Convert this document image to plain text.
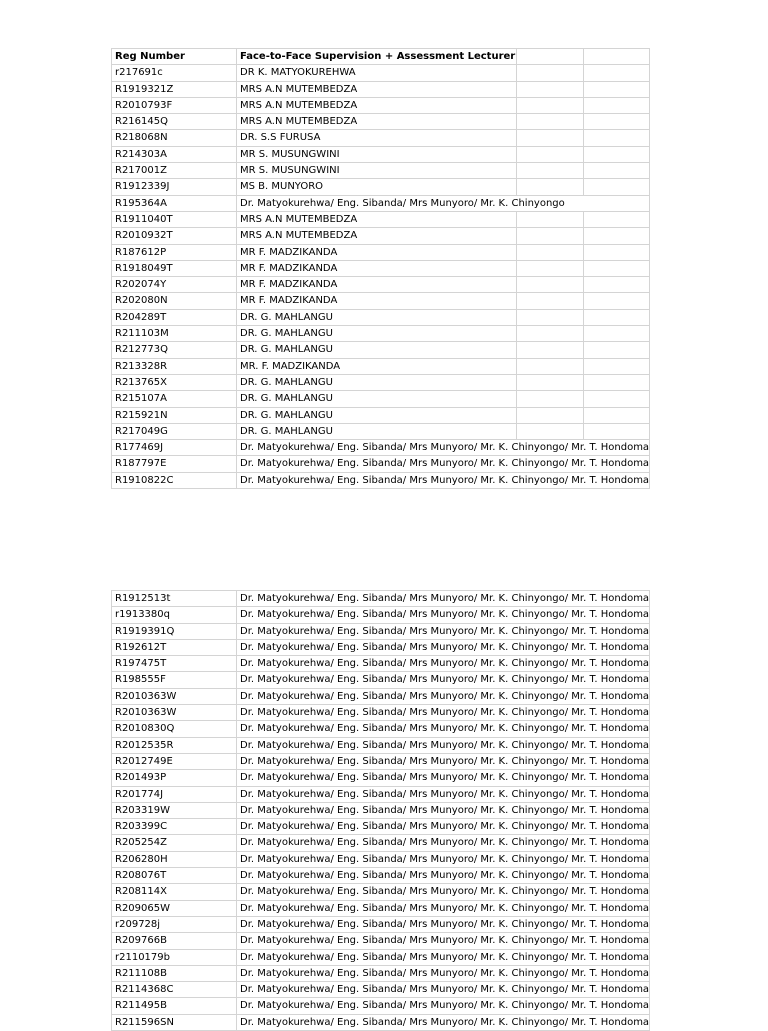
Reg Number	Face-to-Face Supervision + Assessment Lecturer		
r217691c	DR K. MATYOKUREHWA		
R1919321Z	MRS A.N MUTEMBEDZA		
R2010793F	MRS A.N MUTEMBEDZA		
R216145Q	MRS A.N MUTEMBEDZA		
R218068N	DR. S.S FURUSA		
R214303A	MR S. MUSUNGWINI		
R217001Z	MR S. MUSUNGWINI		
R1912339J	MS B. MUNYORO		
R195364A	Dr. Matyokurehwa/ Eng. Sibanda/ Mrs Munyoro/ Mr. K. Chinyongo		
R1911040T	MRS A.N MUTEMBEDZA		
R2010932T	MRS A.N MUTEMBEDZA		
R187612P	MR F. MADZIKANDA		
R1918049T	MR F. MADZIKANDA		
R202074Y	MR F. MADZIKANDA		
R202080N	MR F. MADZIKANDA		
R204289T	DR. G. MAHLANGU		
R211103M	DR. G. MAHLANGU		
R212773Q	DR. G. MAHLANGU		
R213328R	MR. F. MADZIKANDA		
R213765X	DR. G. MAHLANGU		
R215107A	DR. G. MAHLANGU		
R215921N	DR. G. MAHLANGU		
R217049G	DR. G. MAHLANGU		
R177469J	Dr. Matyokurehwa/ Eng. Sibanda/ Mrs Munyoro/ Mr. K. Chinyongo/ Mr. T. Hondoma		
R187797E	Dr. Matyokurehwa/ Eng. Sibanda/ Mrs Munyoro/ Mr. K. Chinyongo/ Mr. T. Hondoma		
R1910822C	Dr. Matyokurehwa/ Eng. Sibanda/ Mrs Munyoro/ Mr. K. Chinyongo/ Mr. T. Hondoma		
R1912513t	Dr. Matyokurehwa/ Eng. Sibanda/ Mrs Munyoro/ Mr. K. Chinyongo/ Mr. T. Hondoma
r1913380q	Dr. Matyokurehwa/ Eng. Sibanda/ Mrs Munyoro/ Mr. K. Chinyongo/ Mr. T. Hondoma
R1919391Q	Dr. Matyokurehwa/ Eng. Sibanda/ Mrs Munyoro/ Mr. K. Chinyongo/ Mr. T. Hondoma
R192612T	Dr. Matyokurehwa/ Eng. Sibanda/ Mrs Munyoro/ Mr. K. Chinyongo/ Mr. T. Hondoma
R197475T	Dr. Matyokurehwa/ Eng. Sibanda/ Mrs Munyoro/ Mr. K. Chinyongo/ Mr. T. Hondoma
R198555F	Dr. Matyokurehwa/ Eng. Sibanda/ Mrs Munyoro/ Mr. K. Chinyongo/ Mr. T. Hondoma
R2010363W	Dr. Matyokurehwa/ Eng. Sibanda/ Mrs Munyoro/ Mr. K. Chinyongo/ Mr. T. Hondoma
R2010363W	Dr. Matyokurehwa/ Eng. Sibanda/ Mrs Munyoro/ Mr. K. Chinyongo/ Mr. T. Hondoma
R2010830Q	Dr. Matyokurehwa/ Eng. Sibanda/ Mrs Munyoro/ Mr. K. Chinyongo/ Mr. T. Hondoma
R2012535R	Dr. Matyokurehwa/ Eng. Sibanda/ Mrs Munyoro/ Mr. K. Chinyongo/ Mr. T. Hondoma
R2012749E	Dr. Matyokurehwa/ Eng. Sibanda/ Mrs Munyoro/ Mr. K. Chinyongo/ Mr. T. Hondoma
R201493P	Dr. Matyokurehwa/ Eng. Sibanda/ Mrs Munyoro/ Mr. K. Chinyongo/ Mr. T. Hondoma
R201774J	Dr. Matyokurehwa/ Eng. Sibanda/ Mrs Munyoro/ Mr. K. Chinyongo/ Mr. T. Hondoma
R203319W	Dr. Matyokurehwa/ Eng. Sibanda/ Mrs Munyoro/ Mr. K. Chinyongo/ Mr. T. Hondoma
R203399C	Dr. Matyokurehwa/ Eng. Sibanda/ Mrs Munyoro/ Mr. K. Chinyongo/ Mr. T. Hondoma
R205254Z	Dr. Matyokurehwa/ Eng. Sibanda/ Mrs Munyoro/ Mr. K. Chinyongo/ Mr. T. Hondoma
R206280H	Dr. Matyokurehwa/ Eng. Sibanda/ Mrs Munyoro/ Mr. K. Chinyongo/ Mr. T. Hondoma
R208076T	Dr. Matyokurehwa/ Eng. Sibanda/ Mrs Munyoro/ Mr. K. Chinyongo/ Mr. T. Hondoma
R208114X	Dr. Matyokurehwa/ Eng. Sibanda/ Mrs Munyoro/ Mr. K. Chinyongo/ Mr. T. Hondoma
R209065W	Dr. Matyokurehwa/ Eng. Sibanda/ Mrs Munyoro/ Mr. K. Chinyongo/ Mr. T. Hondoma
r209728j	Dr. Matyokurehwa/ Eng. Sibanda/ Mrs Munyoro/ Mr. K. Chinyongo/ Mr. T. Hondoma
R209766B	Dr. Matyokurehwa/ Eng. Sibanda/ Mrs Munyoro/ Mr. K. Chinyongo/ Mr. T. Hondoma
r2110179b	Dr. Matyokurehwa/ Eng. Sibanda/ Mrs Munyoro/ Mr. K. Chinyongo/ Mr. T. Hondoma
R211108B	Dr. Matyokurehwa/ Eng. Sibanda/ Mrs Munyoro/ Mr. K. Chinyongo/ Mr. T. Hondoma
R2114368C	Dr. Matyokurehwa/ Eng. Sibanda/ Mrs Munyoro/ Mr. K. Chinyongo/ Mr. T. Hondoma
R211495B	Dr. Matyokurehwa/ Eng. Sibanda/ Mrs Munyoro/ Mr. K. Chinyongo/ Mr. T. Hondoma
R211596SN	Dr. Matyokurehwa/ Eng. Sibanda/ Mrs Munyoro/ Mr. K. Chinyongo/ Mr. T. Hondoma
